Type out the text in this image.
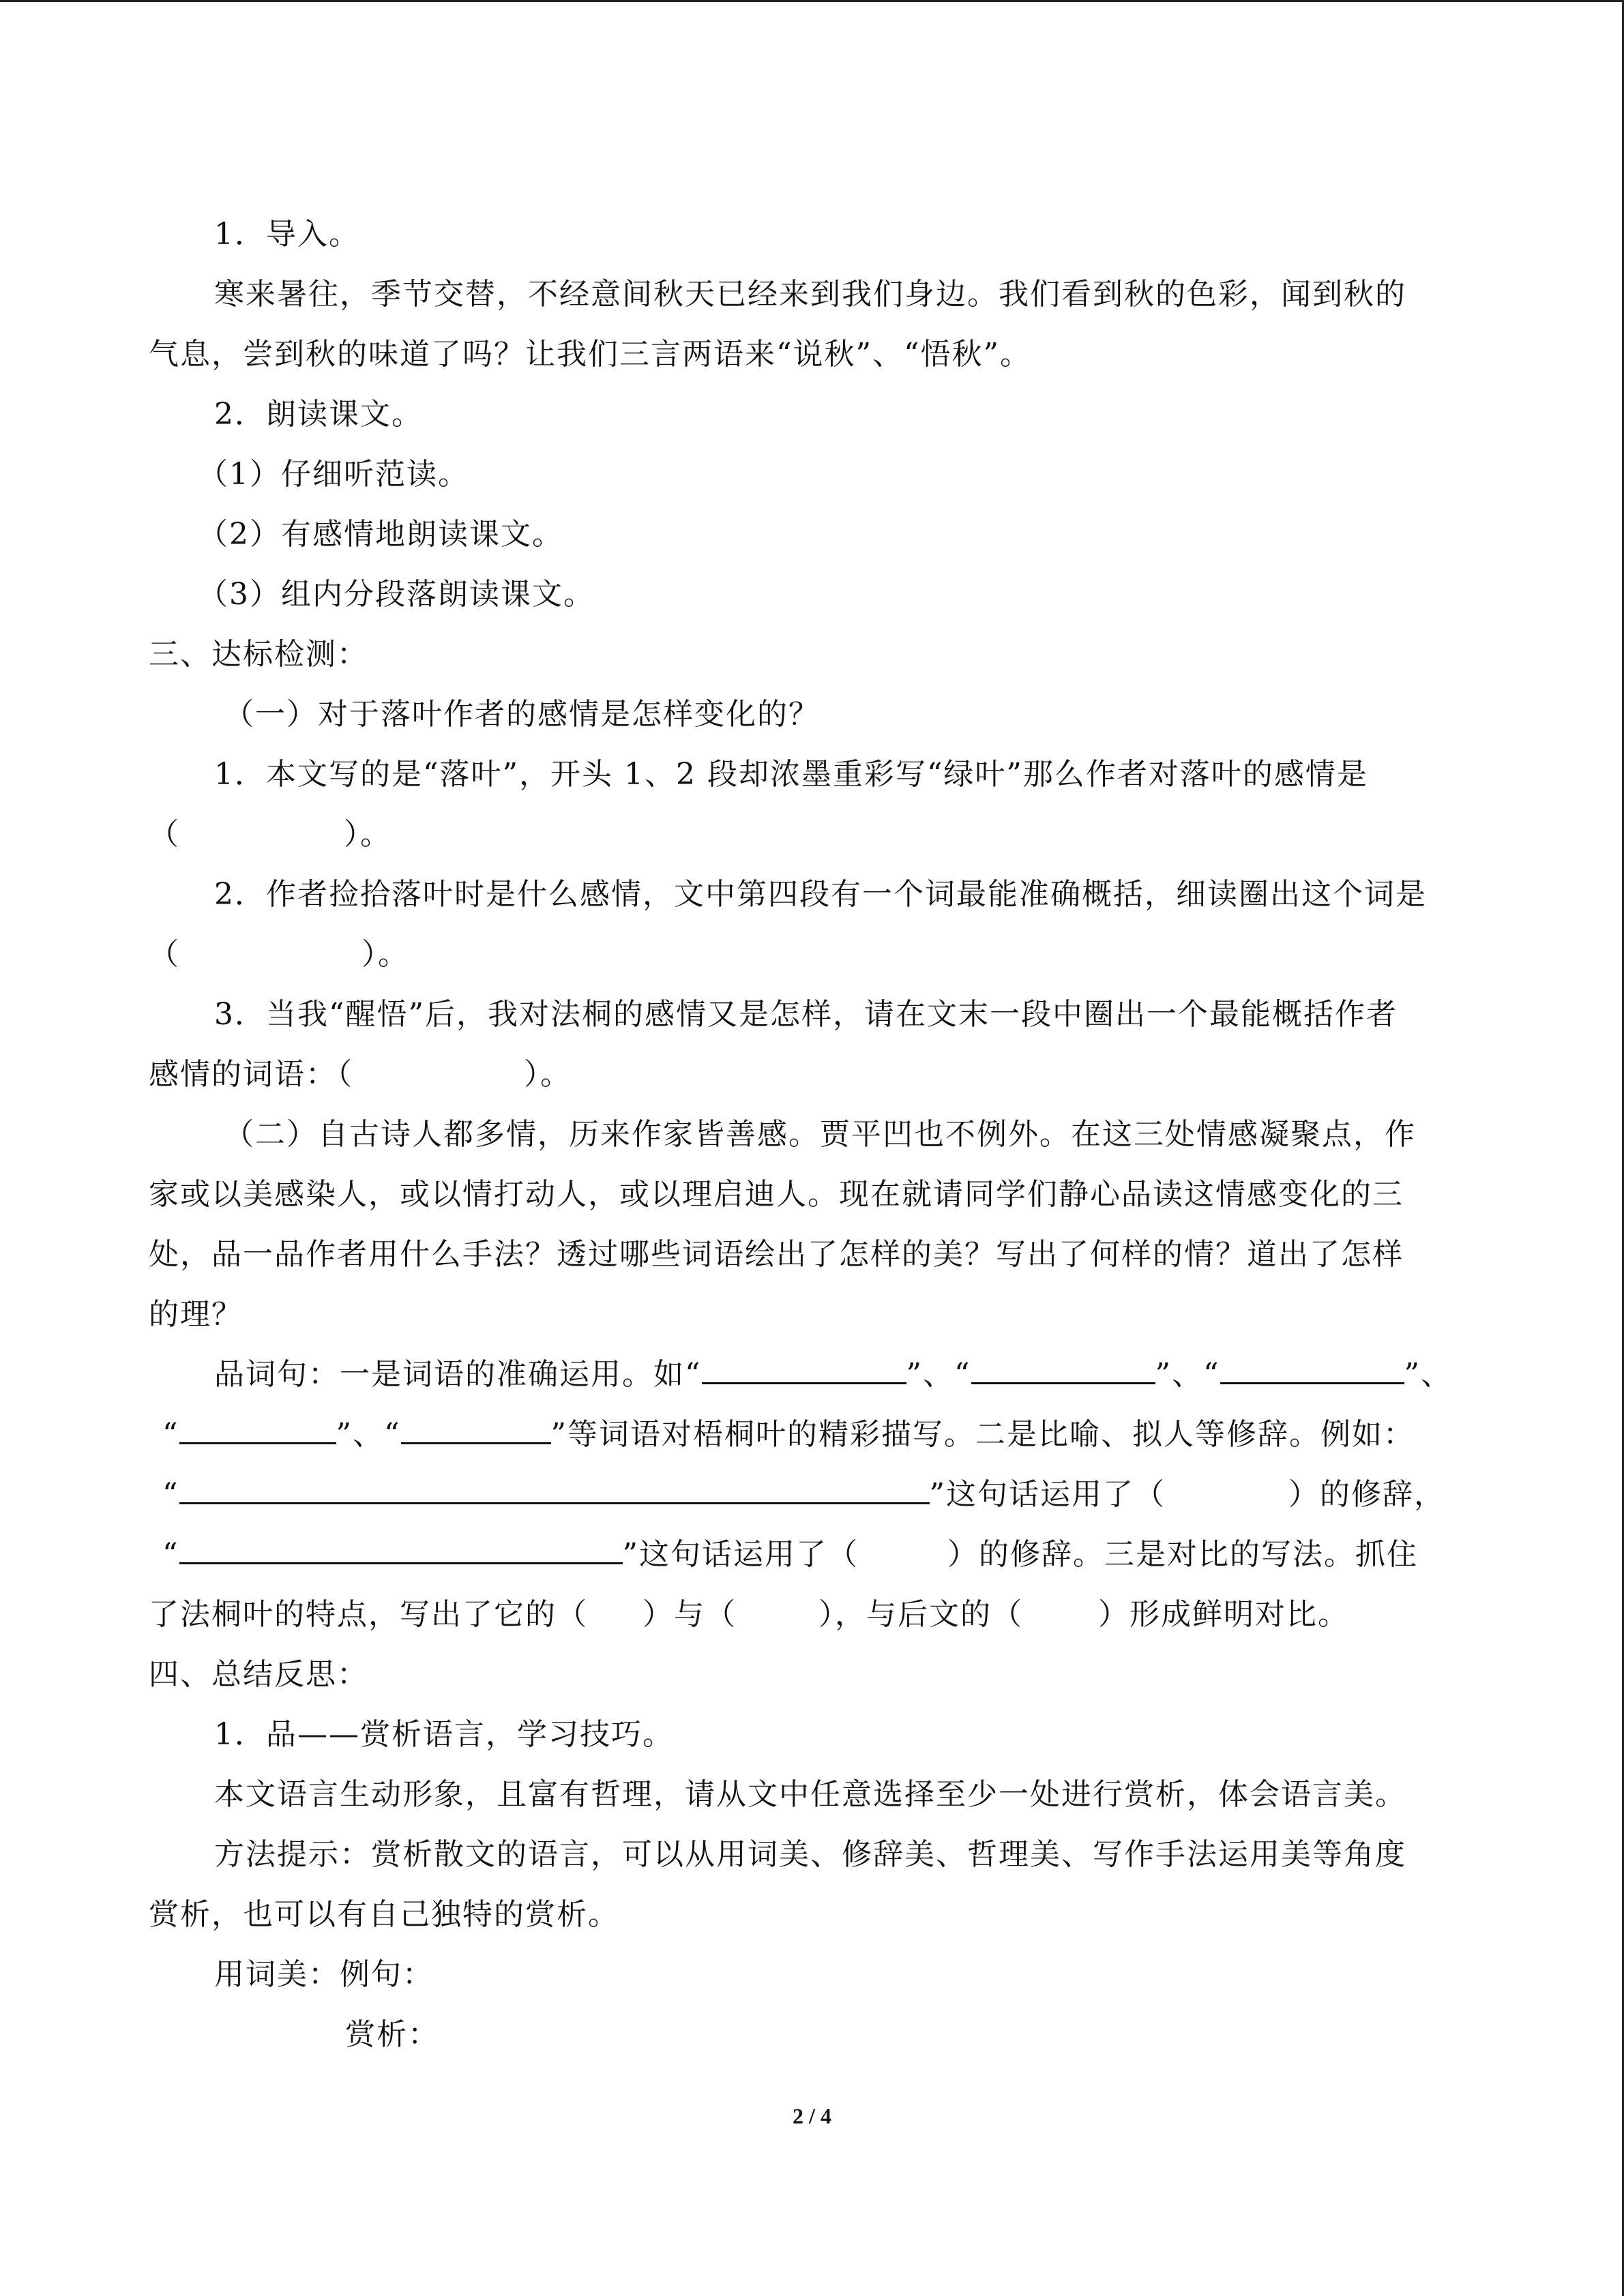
1．导入。
寒来暑往，季节交替，不经意间秋天已经来到我们身边。我们看到秋的色彩，闻到秋的
气息，尝到秋的味道了吗？让我们三言两语来“说秋”、“悟秋”。
2．朗读课文。
（1）仔细听范读。
（2）有感情地朗读课文。
（3）组内分段落朗读课文。
三、达标检测：
（一）对于落叶作者的感情是怎样变化的？
1．本文写的是“落叶”，开头 1、2 段却浓墨重彩写“绿叶”那么作者对落叶的感情是
（	）。
2．作者捡拾落叶时是什么感情，文中第四段有一个词最能准确概括，细读圈出这个词是
（	）。
3．当我“醒悟”后，我对法桐的感情又是怎样，请在文末一段中圈出一个最能概括作者
感情的词语：（	）。
（二）自古诗人都多情，历来作家皆善感。贾平凹也不例外。在这三处情感凝聚点，作
家或以美感染人，或以情打动人，或以理启迪人。现在就请同学们静心品读这情感变化的三
处，品一品作者用什么手法？透过哪些词语绘出了怎样的美？写出了何样的情？道出了怎样
的理？
品词句：一是词语的准确运用。如“	”、“	”、“	”、
“	”、“	”等词语对梧桐叶的精彩描写。二是比喻、拟人等修辞。例如：
“	”这句话运用了（	）的修辞，
“	”这句话运用了（	）的修辞。三是对比的写法。抓住
了法桐叶的特点，写出了它的（ ）与（	），与后文的（	）形成鲜明对比。
四、总结反思：
1．品——赏析语言，学习技巧。
本文语言生动形象，且富有哲理，请从文中任意选择至少一处进行赏析，体会语言美。
方法提示：赏析散文的语言，可以从用词美、修辞美、哲理美、写作手法运用美等角度
赏析，也可以有自己独特的赏析。
用词美：例句：
赏析：
2 / 4
